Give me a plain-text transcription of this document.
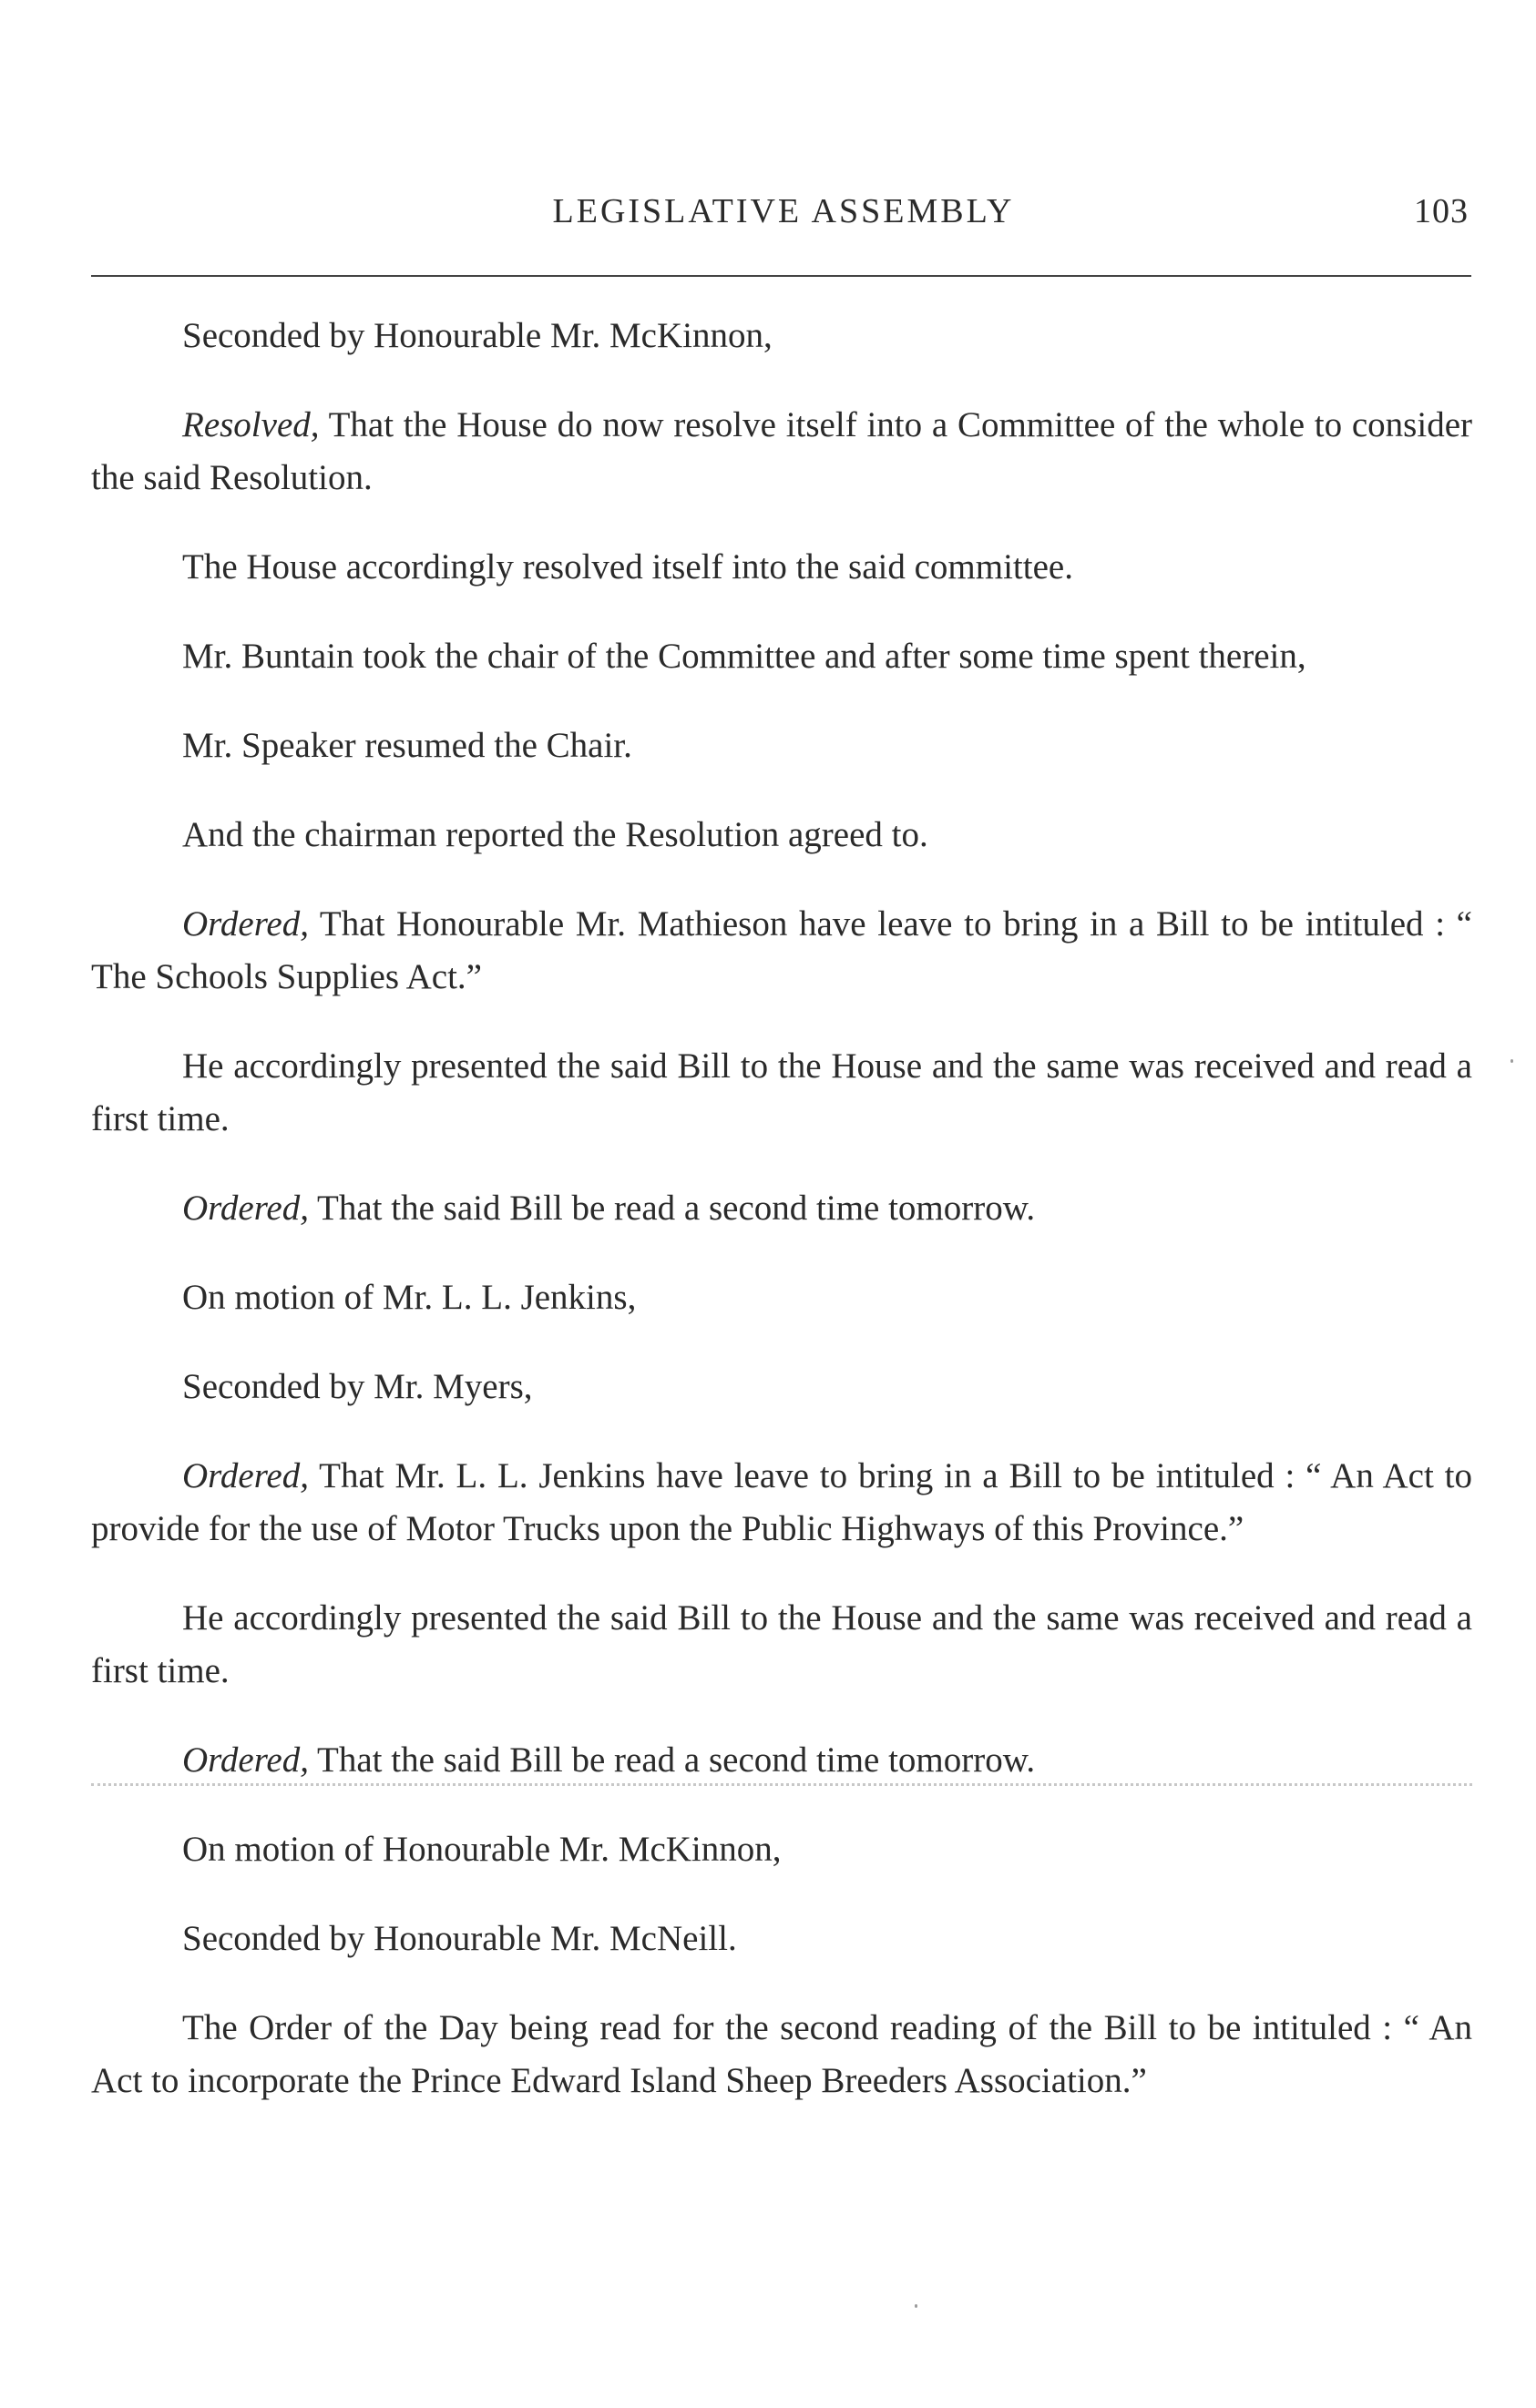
LEGISLATIVE ASSEMBLY	103

Seconded by Honourable Mr. McKinnon,

Resolved, That the House do now resolve itself into a Committee of the whole to consider the said Resolution.

The House accordingly resolved itself into the said committee.

Mr. Buntain took the chair of the Committee and after some time spent therein,

Mr. Speaker resumed the Chair.

And the chairman reported the Resolution agreed to.

Ordered, That Honourable Mr. Mathieson have leave to bring in a Bill to be intituled : “ The Schools Supplies Act.”

He accordingly presented the said Bill to the House and the same was received and read a first time.

Ordered, That the said Bill be read a second time tomorrow.

On motion of Mr. L. L. Jenkins,

Seconded by Mr. Myers,

Ordered, That Mr. L. L. Jenkins have leave to bring in a Bill to be intituled : “ An Act to provide for the use of Motor Trucks upon the Public Highways of this Province.”

He accordingly presented the said Bill to the House and the same was received and read a first time.

Ordered, That the said Bill be read a second time tomorrow.

On motion of Honourable Mr. McKinnon,

Seconded by Honourable Mr. McNeill.

The Order of the Day being read for the second reading of the Bill to be intituled : “ An Act to incorporate the Prince Edward Island Sheep Breeders Association.”
